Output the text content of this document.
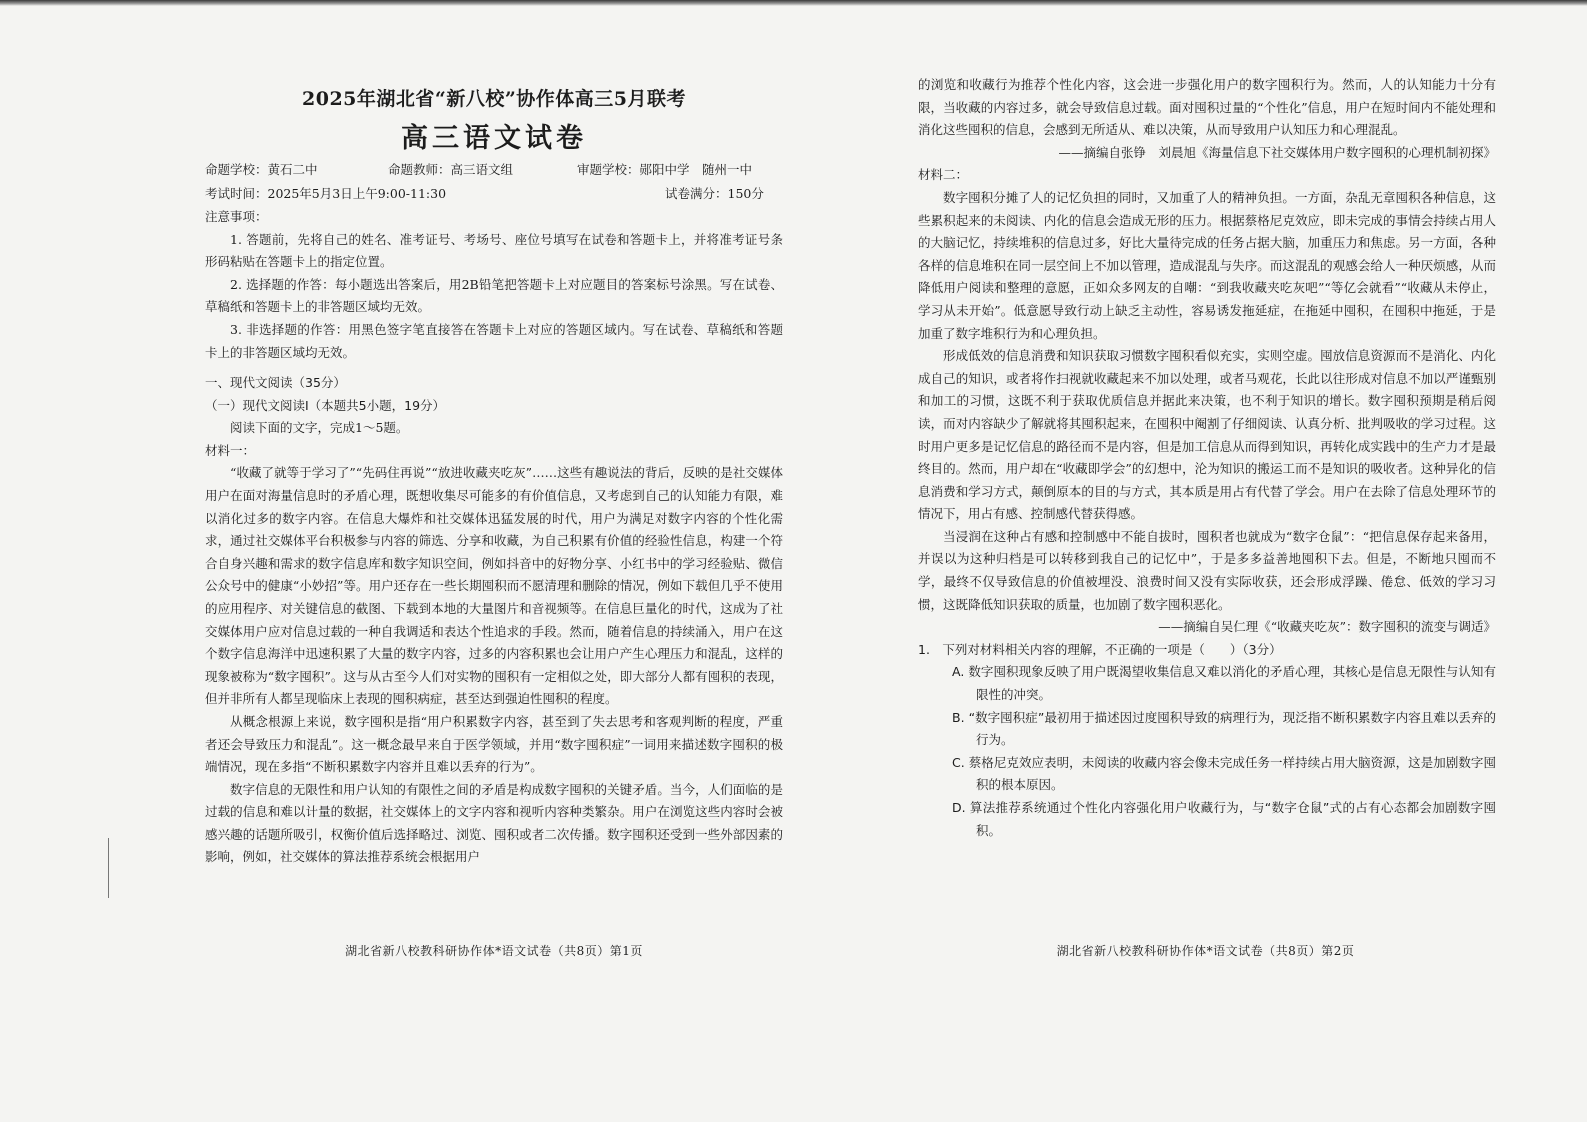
2025年湖北省“新八校”协作体高三5月联考
高三语文试卷
命题学校：黄石二中	命题教师：高三语文组	审题学校：郧阳中学　随州一中
考试时间：2025年5月3日上午9:00-11:30	试卷满分：150分

注意事项：

1. 答题前，先将自己的姓名、准考证号、考场号、座位号填写在试卷和答题卡上，并将准考证号条形码粘贴在答题卡上的指定位置。

2. 选择题的作答：每小题选出答案后，用2B铅笔把答题卡上对应题目的答案标号涂黑。写在试卷、草稿纸和答题卡上的非答题区域均无效。

3. 非选择题的作答：用黑色签字笔直接答在答题卡上对应的答题区域内。写在试卷、草稿纸和答题卡上的非答题区域均无效。

一、现代文阅读（35分）

（一）现代文阅读Ⅰ（本题共5小题，19分）

阅读下面的文字，完成1～5题。

材料一：

“收藏了就等于学习了”“先码住再说”“放进收藏夹吃灰”……这些有趣说法的背后，反映的是社交媒体用户在面对海量信息时的矛盾心理，既想收集尽可能多的有价值信息，又考虑到自己的认知能力有限，难以消化过多的数字内容。在信息大爆炸和社交媒体迅猛发展的时代，用户为满足对数字内容的个性化需求，通过社交媒体平台积极参与内容的筛选、分享和收藏，为自己积累有价值的经验性信息，构建一个符合自身兴趣和需求的数字信息库和数字知识空间，例如抖音中的好物分享、小红书中的学习经验贴、微信公众号中的健康“小妙招”等。用户还存在一些长期囤积而不愿清理和删除的情况，例如下载但几乎不使用的应用程序、对关键信息的截图、下载到本地的大量图片和音视频等。在信息巨量化的时代，这成为了社交媒体用户应对信息过载的一种自我调适和表达个性追求的手段。然而，随着信息的持续涌入，用户在这个数字信息海洋中迅速积累了大量的数字内容，过多的内容积累也会让用户产生心理压力和混乱，这样的现象被称为“数字囤积”。这与从古至今人们对实物的囤积有一定相似之处，即大部分人都有囤积的表现，但并非所有人都呈现临床上表现的囤积病症，甚至达到强迫性囤积的程度。

从概念根源上来说，数字囤积是指“用户积累数字内容，甚至到了失去思考和客观判断的程度，严重者还会导致压力和混乱”。这一概念最早来自于医学领域，并用“数字囤积症”一词用来描述数字囤积的极端情况，现在多指“不断积累数字内容并且难以丢弃的行为”。

数字信息的无限性和用户认知的有限性之间的矛盾是构成数字囤积的关键矛盾。当今，人们面临的是过载的信息和难以计量的数据，社交媒体上的文字内容和视听内容种类繁杂。用户在浏览这些内容时会被感兴趣的话题所吸引，权衡价值后选择略过、浏览、囤积或者二次传播。数字囤积还受到一些外部因素的影响，例如，社交媒体的算法推荐系统会根据用户

湖北省新八校教科研协作体*语文试卷（共8页）第1页

的浏览和收藏行为推荐个性化内容，这会进一步强化用户的数字囤积行为。然而，人的认知能力十分有限，当收藏的内容过多，就会导致信息过载。面对囤积过量的“个性化”信息，用户在短时间内不能处理和消化这些囤积的信息，会感到无所适从、难以决策，从而导致用户认知压力和心理混乱。

——摘编自张铮　刘晨旭《海量信息下社交媒体用户数字囤积的心理机制初探》

材料二：

数字囤积分摊了人的记忆负担的同时，又加重了人的精神负担。一方面，杂乱无章囤积各种信息，这些累积起来的未阅读、内化的信息会造成无形的压力。根据蔡格尼克效应，即未完成的事情会持续占用人的大脑记忆，持续堆积的信息过多，好比大量待完成的任务占据大脑，加重压力和焦虑。另一方面，各种各样的信息堆积在同一层空间上不加以管理，造成混乱与失序。而这混乱的观感会给人一种厌烦感，从而降低用户阅读和整理的意愿，正如众多网友的自嘲：“到我收藏夹吃灰吧”“等亿会就看”“收藏从未停止，学习从未开始”。低意愿导致行动上缺乏主动性，容易诱发拖延症，在拖延中囤积，在囤积中拖延，于是加重了数字堆积行为和心理负担。

形成低效的信息消费和知识获取习惯数字囤积看似充实，实则空虚。囤放信息资源而不是消化、内化成自己的知识，或者将作扫视就收藏起来不加以处理，或者马观花，长此以往形成对信息不加以严谨甄别和加工的习惯，这既不利于获取优质信息并据此来决策，也不利于知识的增长。数字囤积预期是稍后阅读，而对内容缺少了解就将其囤积起来，在囤积中阉割了仔细阅读、认真分析、批判吸收的学习过程。这时用户更多是记忆信息的路径而不是内容，但是加工信息从而得到知识，再转化成实践中的生产力才是最终目的。然而，用户却在“收藏即学会”的幻想中，沦为知识的搬运工而不是知识的吸收者。这种异化的信息消费和学习方式，颠倒原本的目的与方式，其本质是用占有代替了学会。用户在去除了信息处理环节的情况下，用占有感、控制感代替获得感。

当浸润在这种占有感和控制感中不能自拔时，囤积者也就成为“数字仓鼠”：“把信息保存起来备用，并误以为这种归档是可以转移到我自己的记忆中”，于是多多益善地囤积下去。但是，不断地只囤而不学，最终不仅导致信息的价值被埋没、浪费时间又没有实际收获，还会形成浮躁、倦怠、低效的学习习惯，这既降低知识获取的质量，也加剧了数字囤积恶化。

——摘编自吴仁理《“收藏夹吃灰”：数字囤积的流变与调适》

1.　下列对材料相关内容的理解，不正确的一项是（　　）（3分）

A. 数字囤积现象反映了用户既渴望收集信息又难以消化的矛盾心理，其核心是信息无限性与认知有限性的冲突。

B. “数字囤积症”最初用于描述因过度囤积导致的病理行为，现泛指不断积累数字内容且难以丢弃的行为。

C. 蔡格尼克效应表明，未阅读的收藏内容会像未完成任务一样持续占用大脑资源，这是加剧数字囤积的根本原因。

D. 算法推荐系统通过个性化内容强化用户收藏行为，与“数字仓鼠”式的占有心态都会加剧数字囤积。

湖北省新八校教科研协作体*语文试卷（共8页）第2页
